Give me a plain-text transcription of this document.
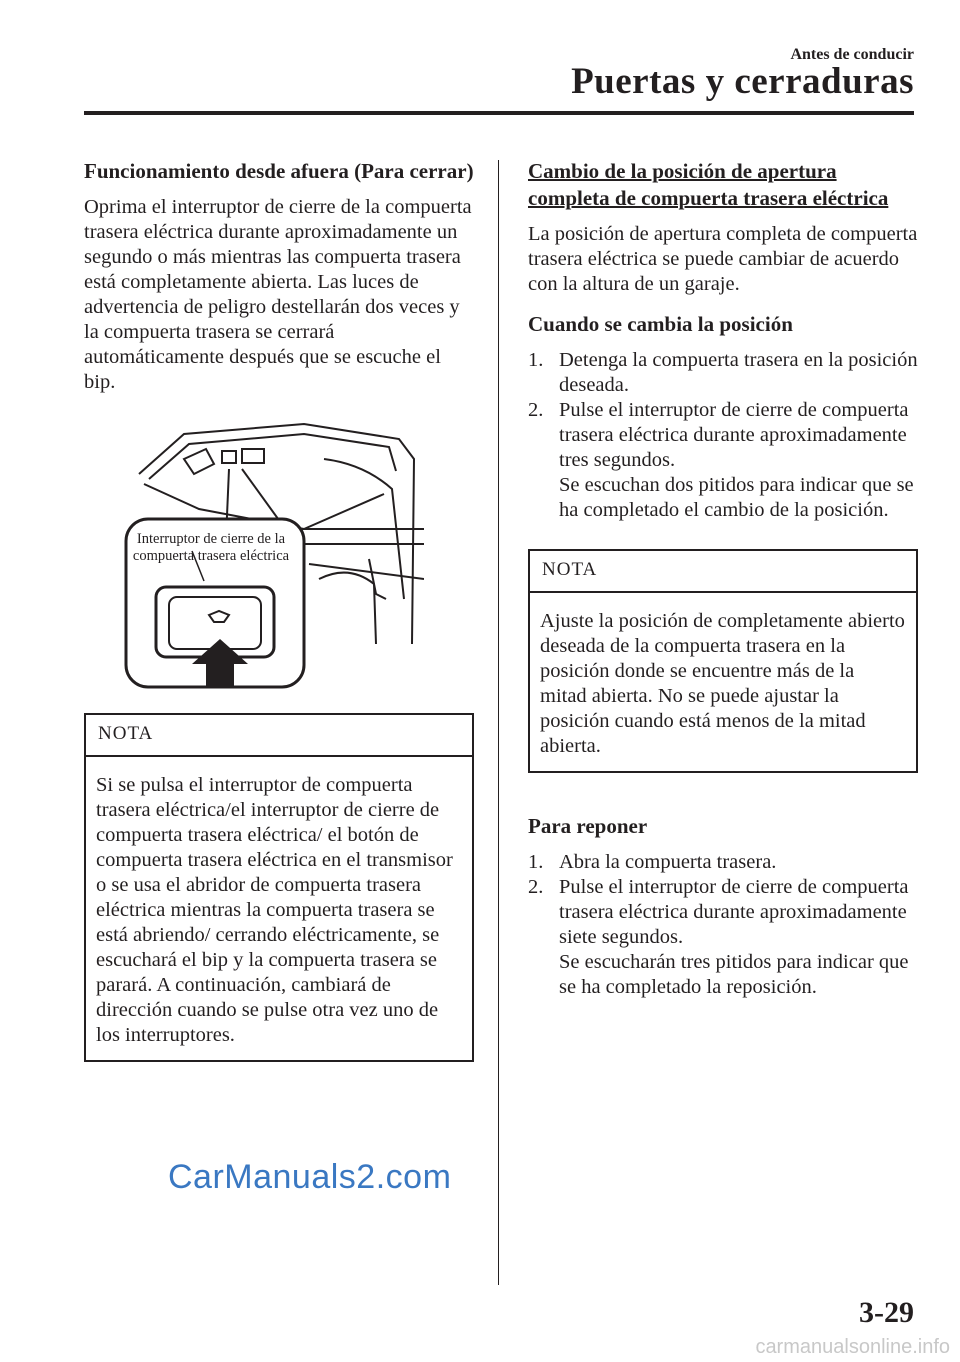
Antes de conducir
Puertas y cerraduras
Funcionamiento desde afuera (Para cerrar)

Oprima el interruptor de cierre de la compuerta trasera eléctrica durante aproximadamente un segundo o más mientras las compuerta trasera está completamente abierta. Las luces de advertencia de peligro destellarán dos veces y la compuerta trasera se cerrará automáticamente después que se escuche el bip.

Interruptor de cierre de la
compuerta trasera eléctrica
NOTA
Si se pulsa el interruptor de compuerta trasera eléctrica/el interruptor de cierre de compuerta trasera eléctrica/ el botón de compuerta trasera eléctrica en el transmisor o se usa el abridor de compuerta trasera eléctrica mientras la compuerta trasera se está abriendo/ cerrando eléctricamente, se escuchará el bip y la compuerta trasera se parará. A continuación, cambiará de dirección cuando se pulse otra vez uno de los interruptores.
Cambio de la posición de apertura completa de compuerta trasera eléctrica

La posición de apertura completa de compuerta trasera eléctrica se puede cambiar de acuerdo con la altura de un garaje.

Cuando se cambia la posición
1. Detenga la compuerta trasera en la posición deseada.
2. Pulse el interruptor de cierre de compuerta trasera eléctrica durante aproximadamente tres segundos.
Se escuchan dos pitidos para indicar que se ha completado el cambio de la posición.
NOTA
Ajuste la posición de completamente abierto deseada de la compuerta trasera en la posición donde se encuentre más de la mitad abierta. No se puede ajustar la posición cuando está menos de la mitad abierta.
Para reponer
1. Abra la compuerta trasera.
2. Pulse el interruptor de cierre de compuerta trasera eléctrica durante aproximadamente siete segundos.
Se escucharán tres pitidos para indicar que se ha completado la reposición.
CarManuals2.com
3-29
carmanualsonline.info
